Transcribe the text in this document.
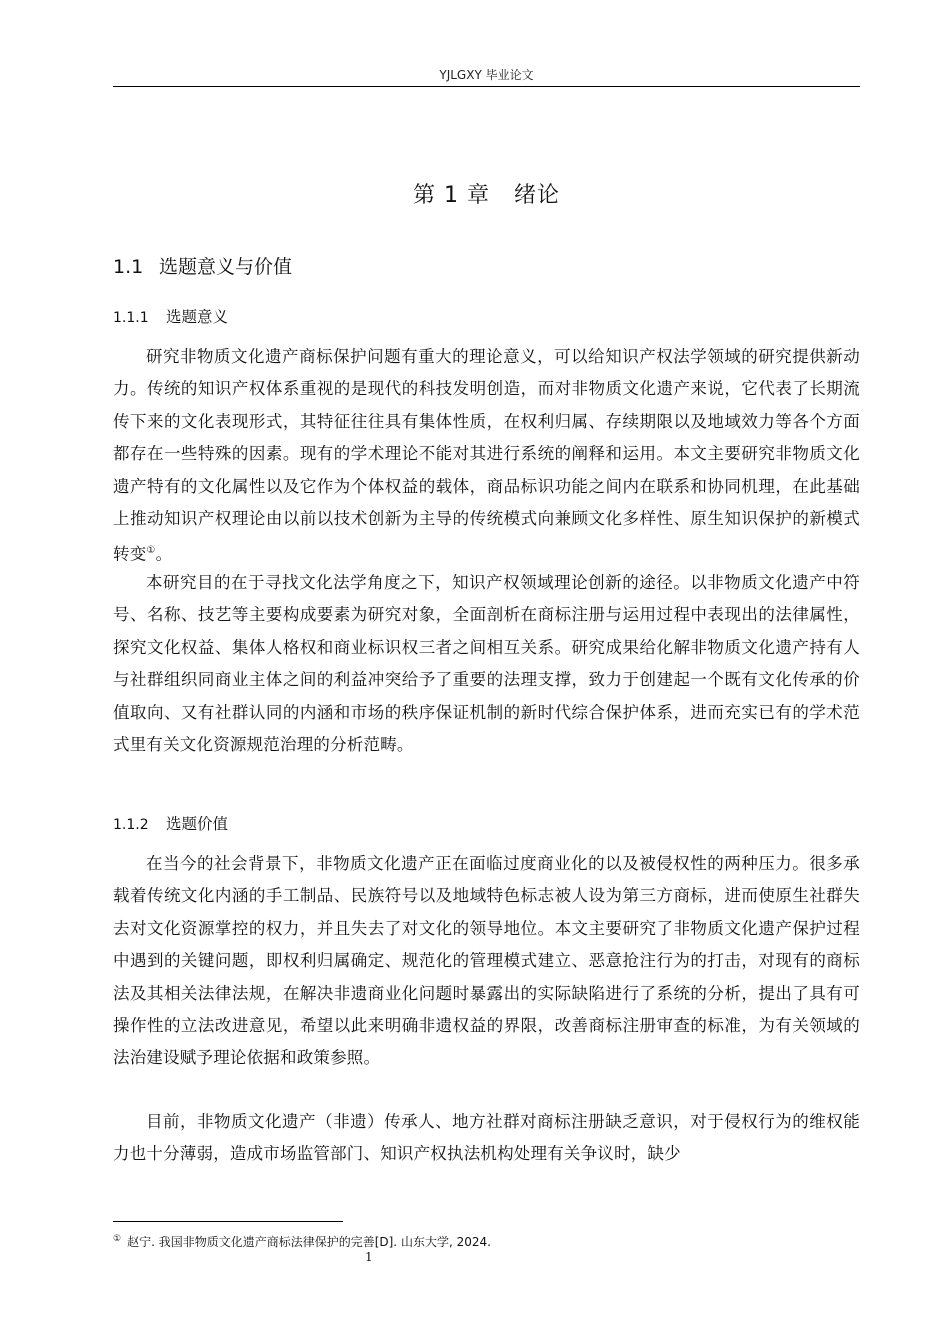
YJLGXY 毕业论文
第 1 章 绪论
1.1 选题意义与价值
1.1.1 选题意义

研究非物质文化遗产商标保护问题有重大的理论意义，可以给知识产权法学领域的研究提供新动力。传统的知识产权体系重视的是现代的科技发明创造，而对非物质文化遗产来说，它代表了长期流传下来的文化表现形式，其特征往往具有集体性质，在权利归属、存续期限以及地域效力等各个方面都存在一些特殊的因素。现有的学术理论不能对其进行系统的阐释和运用。本文主要研究非物质文化遗产特有的文化属性以及它作为个体权益的载体，商品标识功能之间内在联系和协同机理，在此基础上推动知识产权理论由以前以技术创新为主导的传统模式向兼顾文化多样性、原生知识保护的新模式转变①。

本研究目的在于寻找文化法学角度之下，知识产权领域理论创新的途径。以非物质文化遗产中符号、名称、技艺等主要构成要素为研究对象，全面剖析在商标注册与运用过程中表现出的法律属性，探究文化权益、集体人格权和商业标识权三者之间相互关系。研究成果给化解非物质文化遗产持有人与社群组织同商业主体之间的利益冲突给予了重要的法理支撑，致力于创建起一个既有文化传承的价值取向、又有社群认同的内涵和市场的秩序保证机制的新时代综合保护体系，进而充实已有的学术范式里有关文化资源规范治理的分析范畴。

1.1.2 选题价值

在当今的社会背景下，非物质文化遗产正在面临过度商业化的以及被侵权性的两种压力。很多承载着传统文化内涵的手工制品、民族符号以及地域特色标志被人设为第三方商标，进而使原生社群失去对文化资源掌控的权力，并且失去了对文化的领导地位。本文主要研究了非物质文化遗产保护过程中遇到的关键问题，即权利归属确定、规范化的管理模式建立、恶意抢注行为的打击，对现有的商标法及其相关法律法规，在解决非遗商业化问题时暴露出的实际缺陷进行了系统的分析，提出了具有可操作性的立法改进意见，希望以此来明确非遗权益的界限，改善商标注册审查的标准，为有关领域的法治建设赋予理论依据和政策参照。

目前，非物质文化遗产（非遗）传承人、地方社群对商标注册缺乏意识，对于侵权行为的维权能力也十分薄弱，造成市场监管部门、知识产权执法机构处理有关争议时，缺少

① 赵宁. 我国非物质文化遗产商标法律保护的完善[D]. 山东大学, 2024.
1
